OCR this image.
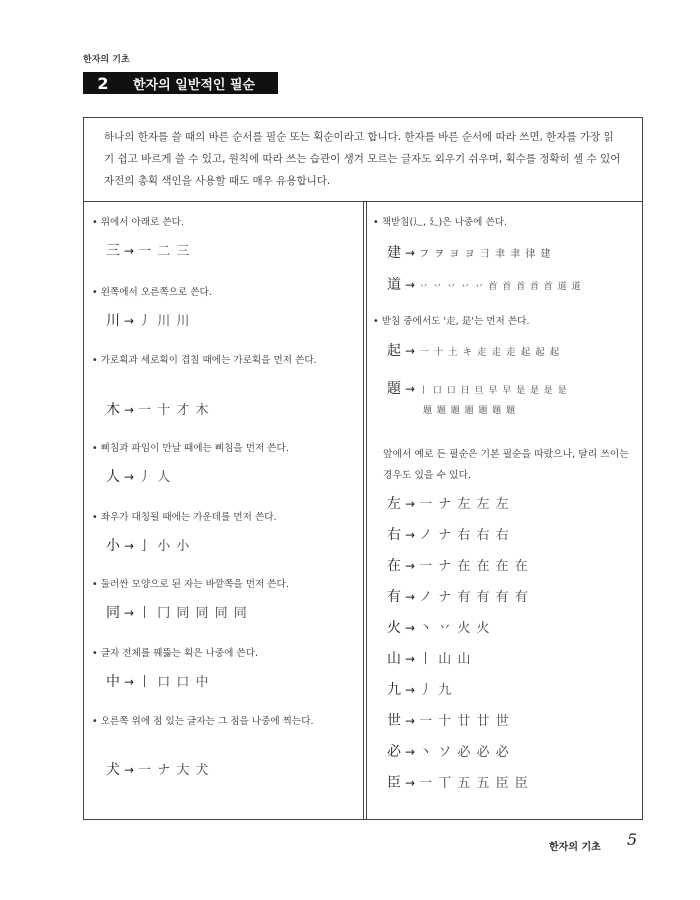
한자의 기초
2	한자의 일반적인 필순
하나의 한자를 쓸 때의 바른 순서를 필순 또는 획순이라고 합니다. 한자를 바른 순서에 따라 쓰면, 한자를 가장 읽기 쉽고 바르게 쓸 수 있고, 원칙에 따라 쓰는 습관이 생겨 모르는 글자도 외우기 쉬우며, 획수를 정확히 셀 수 있어 자전의 총획 색인을 사용할 때도 매우 유용합니다.
• 위에서 아래로 쓴다.
三 → 一 二 三
• 왼쪽에서 오른쪽으로 쓴다.
川 → 丿 川 川
• 가로획과 세로획이 겹칠 때에는 가로획을 먼저 쓴다.
木 → 一 十 才 木
• 삐침과 파임이 만날 때에는 삐침을 먼저 쓴다.
人 → 丿 人
• 좌우가 대칭될 때에는 가운데를 먼저 쓴다.
小 → 亅 小 小
• 둘러싼 모양으로 된 자는 바깥쪽을 먼저 쓴다.
同 → 丨 冂 同 同 同 同
• 글자 전체를 꿰뚫는 획은 나중에 쓴다.
中 → 丨 口 口 中
• 오른쪽 위에 점 있는 글자는 그 점을 나중에 찍는다.
犬 → 一 ナ 大 犬
• 책받침(辶, 廴)은 나중에 쓴다.
建 → フ ヲ ヨ ヨ ⺕ 聿 聿 律 建
道 → 丷 丷 丷 丷 丷 首 首 首 首 首 道 道
• 받침 중에서도 '走, 是'는 먼저 쓴다.
起 → 一 十 土 キ 走 走 走 起 起 起
題 → 丨 口 口 日 旦 早 早 是 是 是 是
題 題 題 題 題 題 題
앞에서 예로 든 필순은 기본 필순을 따랐으나, 달리 쓰이는 경우도 있을 수 있다.
左 → 一 ナ 左 左 左
右 → ノ ナ 右 右 右
在 → 一 ナ 在 在 在 在
有 → ノ ナ 有 有 有 有
火 → 丶 丷 火 火
山 → 丨 山 山
九 → 丿 九
世 → 一 十 廿 廿 世
必 → 丶 ソ 必 必 必
臣 → 一 丅 五 五 臣 臣
한자의 기초 5
